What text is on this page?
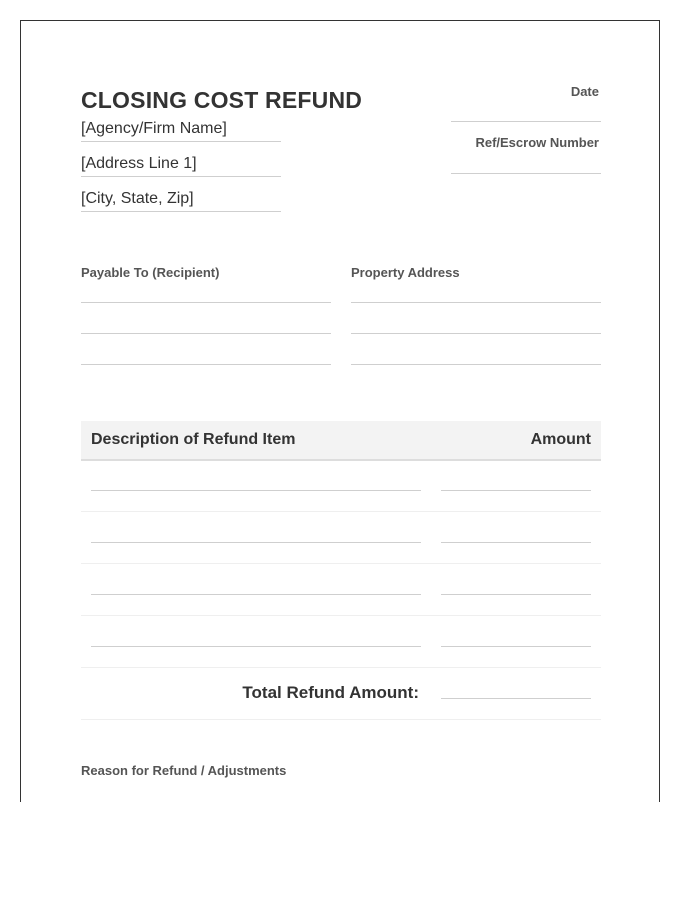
CLOSING COST REFUND
[Agency/Firm Name]
[Address Line 1]
[City, State, Zip]
Date
Ref/Escrow Number
Payable To (Recipient)	Property Address
Description of Refund Item	Amount
Total Refund Amount:
Reason for Refund / Adjustments
